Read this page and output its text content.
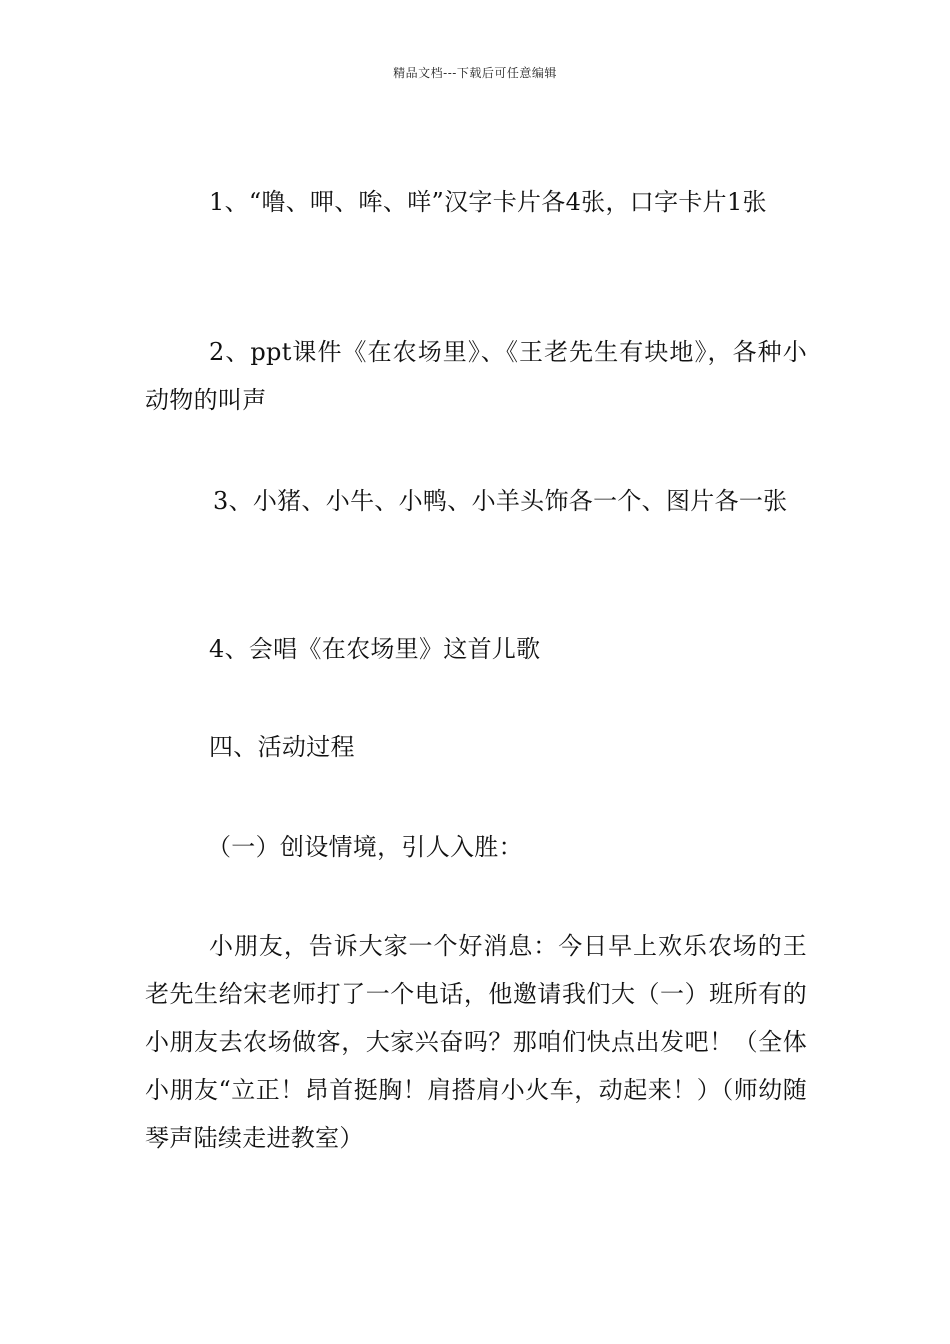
精品文档---下载后可任意编辑
1、“噜、呷、哞、咩”汉字卡片各4张，口字卡片1张
2、ppt课件《在农场里》、《王老先生有块地》，各种小动物的叫声
3、小猪、小牛、小鸭、小羊头饰各一个、图片各一张
4、会唱《在农场里》这首儿歌
四、活动过程
（一）创设情境，引人入胜：
小朋友，告诉大家一个好消息：今日早上欢乐农场的王老先生给宋老师打了一个电话，他邀请我们大（一）班所有的小朋友去农场做客，大家兴奋吗？那咱们快点出发吧！（全体小朋友“立正！昂首挺胸！肩搭肩小火车，动起来！）（师幼随琴声陆续走进教室）
